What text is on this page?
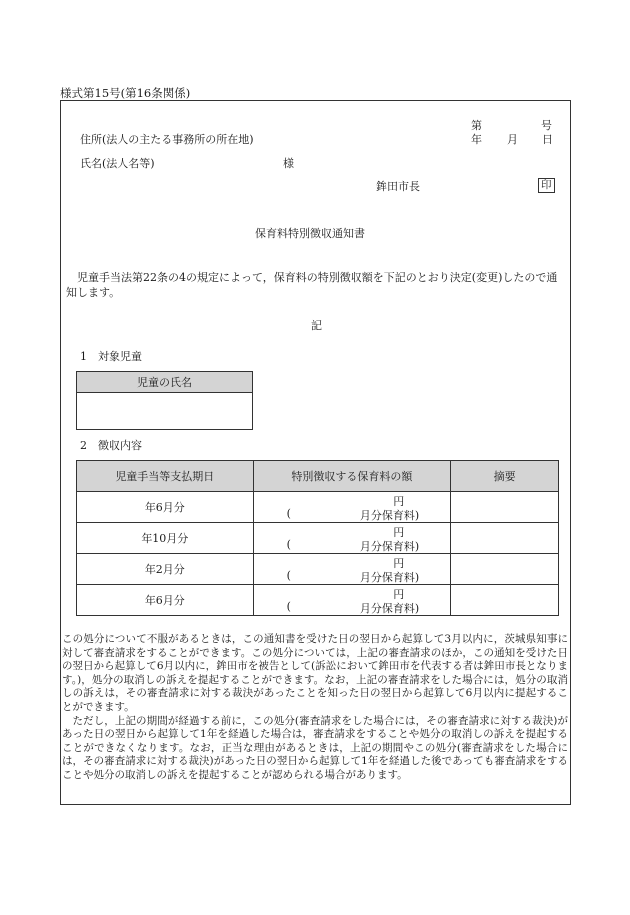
様式第15号(第16条関係)
第	号
年 月 日
住所(法人の主たる事務所の所在地)
氏名(法人名等)	様
鉾田市長	印
保育料特別徴収通知書
児童手当法第22条の4の規定によって，保育料の特別徴収額を下記のとおり決定(変更)したので通知します。
記
1　対象児童
児童の氏名

2　徴収内容
児童手当等支払期日	特別徴収する保育料の額	摘要
年6月分	円
( 月分保育料)	

年10月分	円
( 月分保育料)	

年2月分	円
( 月分保育料)	

年6月分	円
( 月分保育料)	

この処分について不服があるときは，この通知書を受けた日の翌日から起算して3月以内に，茨城県知事に対して審査請求をすることができます。この処分については，上記の審査請求のほか，この通知を受けた日の翌日から起算して6月以内に，鉾田市を被告として(訴訟において鉾田市を代表する者は鉾田市長となります。)，処分の取消しの訴えを提起することができます。なお，上記の審査請求をした場合には，処分の取消しの訴えは，その審査請求に対する裁決があったことを知った日の翌日から起算して6月以内に提起することができます。

ただし，上記の期間が経過する前に，この処分(審査請求をした場合には，その審査請求に対する裁決)があった日の翌日から起算して1年を経過した場合は，審査請求をすることや処分の取消しの訴えを提起することができなくなります。なお，正当な理由があるときは，上記の期間やこの処分(審査請求をした場合には，その審査請求に対する裁決)があった日の翌日から起算して1年を経過した後であっても審査請求をすることや処分の取消しの訴えを提起することが認められる場合があります。
